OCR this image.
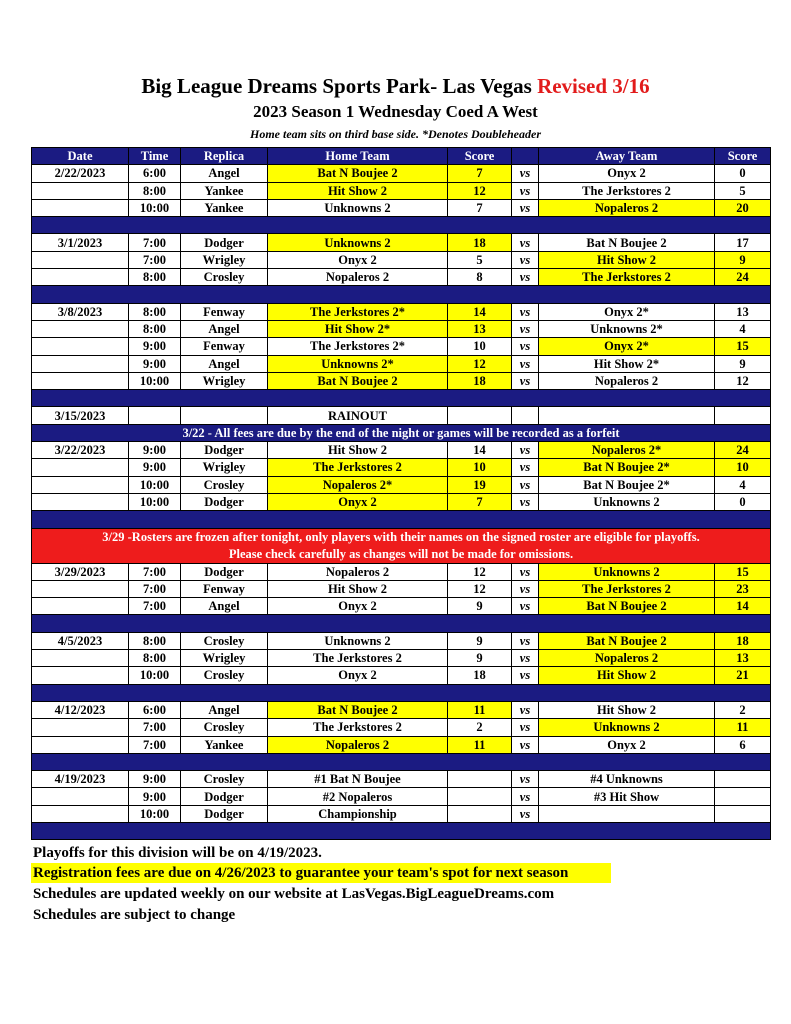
Big League Dreams Sports Park- Las Vegas Revised 3/16
2023 Season 1 Wednesday Coed A West
Home team sits on third base side. *Denotes Doubleheader
Date	Time	Replica	Home Team	Score		Away Team	Score
2/22/2023	6:00	Angel	Bat N Boujee 2	7	vs	Onyx 2	0
	8:00	Yankee	Hit Show 2	12	vs	The Jerkstores 2	5
	10:00	Yankee	Unknowns 2	7	vs	Nopaleros 2	20

3/1/2023	7:00	Dodger	Unknowns 2	18	vs	Bat N Boujee 2	17
	7:00	Wrigley	Onyx 2	5	vs	Hit Show 2	9
	8:00	Crosley	Nopaleros 2	8	vs	The Jerkstores 2	24

3/8/2023	8:00	Fenway	The Jerkstores 2*	14	vs	Onyx 2*	13
	8:00	Angel	Hit Show 2*	13	vs	Unknowns 2*	4
	9:00	Fenway	The Jerkstores 2*	10	vs	Onyx 2*	15
	9:00	Angel	Unknowns 2*	12	vs	Hit Show 2*	9
	10:00	Wrigley	Bat N Boujee 2	18	vs	Nopaleros 2	12

3/15/2023			RAINOUT				
3/22 - All fees are due by the end of the night or games will be recorded as a forfeit							
3/22/2023	9:00	Dodger	Hit Show 2	14	vs	Nopaleros 2*	24
	9:00	Wrigley	The Jerkstores 2	10	vs	Bat N Boujee 2*	10
	10:00	Crosley	Nopaleros 2*	19	vs	Bat N Boujee 2*	4
	10:00	Dodger	Onyx 2	7	vs	Unknowns 2	0

3/29 -Rosters are frozen after tonight, only players with their names on the signed roster are eligible for playoffs.
Please check carefully as changes will not be made for omissions.							

3/29/2023	7:00	Dodger	Nopaleros 2	12	vs	Unknowns 2	15
	7:00	Fenway	Hit Show 2	12	vs	The Jerkstores 2	23
	7:00	Angel	Onyx 2	9	vs	Bat N Boujee 2	14

4/5/2023	8:00	Crosley	Unknowns 2	9	vs	Bat N Boujee 2	18
	8:00	Wrigley	The Jerkstores 2	9	vs	Nopaleros 2	13
	10:00	Crosley	Onyx 2	18	vs	Hit Show 2	21

4/12/2023	6:00	Angel	Bat N Boujee 2	11	vs	Hit Show 2	2
	7:00	Crosley	The Jerkstores 2	2	vs	Unknowns 2	11
	7:00	Yankee	Nopaleros 2	11	vs	Onyx 2	6

4/19/2023	9:00	Crosley	#1 Bat N Boujee		vs	#4 Unknowns	
	9:00	Dodger	#2 Nopaleros		vs	#3 Hit Show	
	10:00	Dodger	Championship		vs		

Playoffs for this division will be on 4/19/2023.
Registration fees are due on 4/26/2023 to guarantee your team's spot for next season
Schedules are updated weekly on our website at LasVegas.BigLeagueDreams.com
Schedules are subject to change
